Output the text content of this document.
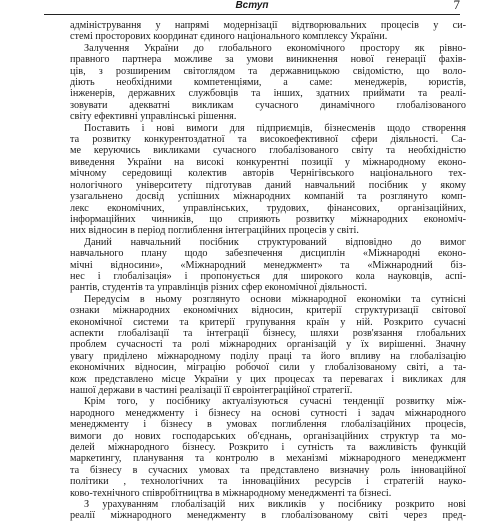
Вступ	7

адміністрування у напрямі модернізації відтворювальних процесів у си-
стемі просторових координат єдиного національного комплексу України.

Залучення України до глобального економічного простору як рівно-
правного партнера можливе за умови виникнення нової генерації фахів-
ців, з розширеним світоглядом та державницькою свідомістю, що воло-
діють необхідними компетенціями, а саме: менеджерів, юристів,
інженерів, державних службовців та інших, здатних приймати та реалі-
зовувати адекватні викликам сучасного динамічного глобалізованого
світу ефективні управлінські рішення.

Поставить і нові вимоги для підприємців, бізнесменів щодо створення
та розвитку конкурентоздатної та високоефективної сфери діяльності. Са-
ме керуючись викликами сучасного глобалізованого світу та необхідністю
виведення України на високі конкурентні позиції у міжнародному еконо-
мічному середовищі колектив авторів Чернігівського національного тех-
нологічного університету підготував даний навчальний посібник у якому
узагальнено досвід успішних міжнародних компаній та розглянуто комп-
лекс економічних, управлінських, трудових, фінансових, організаційних,
інформаційних чинників, що сприяють розвитку міжнародних економіч-
них відносин в період поглиблення інтеграційних процесів у світі.

Даний навчальний посібник структурований відповідно до вимог
навчального плану щодо забезпечення дисциплін «Міжнародні еконо-
мічні відносини», «Міжнародний менеджмент» та «Міжнародний біз-
нес і глобалізація» і пропонується для широкого кола науковців, аспі-
рантів, студентів та управлінців різних сфер економічної діяльності.

Передусім в ньому розглянуто основи міжнародної економіки та сутнісні
ознаки міжнародних економічних відносин, критерії структуризації світової
економічної системи та критерії групування країн у ній. Розкрито сучасні
аспекти глобалізації та інтеграції бізнесу, шляхи розв'язання глобальних
проблем сучасності та ролі міжнародних організацій у їх вирішенні. Значну
увагу приділено міжнародному поділу праці та його впливу на глобалізацію
економічних відносин, міграцію робочої сили у глобалізованому світі, а та-
кож представлено місце України у цих процесах та перевагах і викликах для
нашої держави в частині реалізації її євроінтеграційної стратегії.

Крім того, у посібнику актуалізуються сучасні тенденції розвитку між-
народного менеджменту і бізнесу на основі сутності і задач міжнародного
менеджменту і бізнесу в умовах поглиблення глобалізаційних процесів,
вимоги до нових господарських об'єднань, організаційних структур та мо-
делей міжнародного бізнесу. Розкрито і сутність та важливість функцій
маркетингу, планування та контролю в механізмі міжнародного менеджмент
та бізнесу в сучасних умовах та представлено визначну роль інноваційної
політики , технологічних та інноваційних ресурсів і стратегій науко-
ково-технічного співробітництва в міжнародному менеджменті та бізнесі.

З урахуванням глобалізацій них викликів у посібнику розкрито нові
реалії міжнародного менеджменту в глобалізованому світі через пред-
